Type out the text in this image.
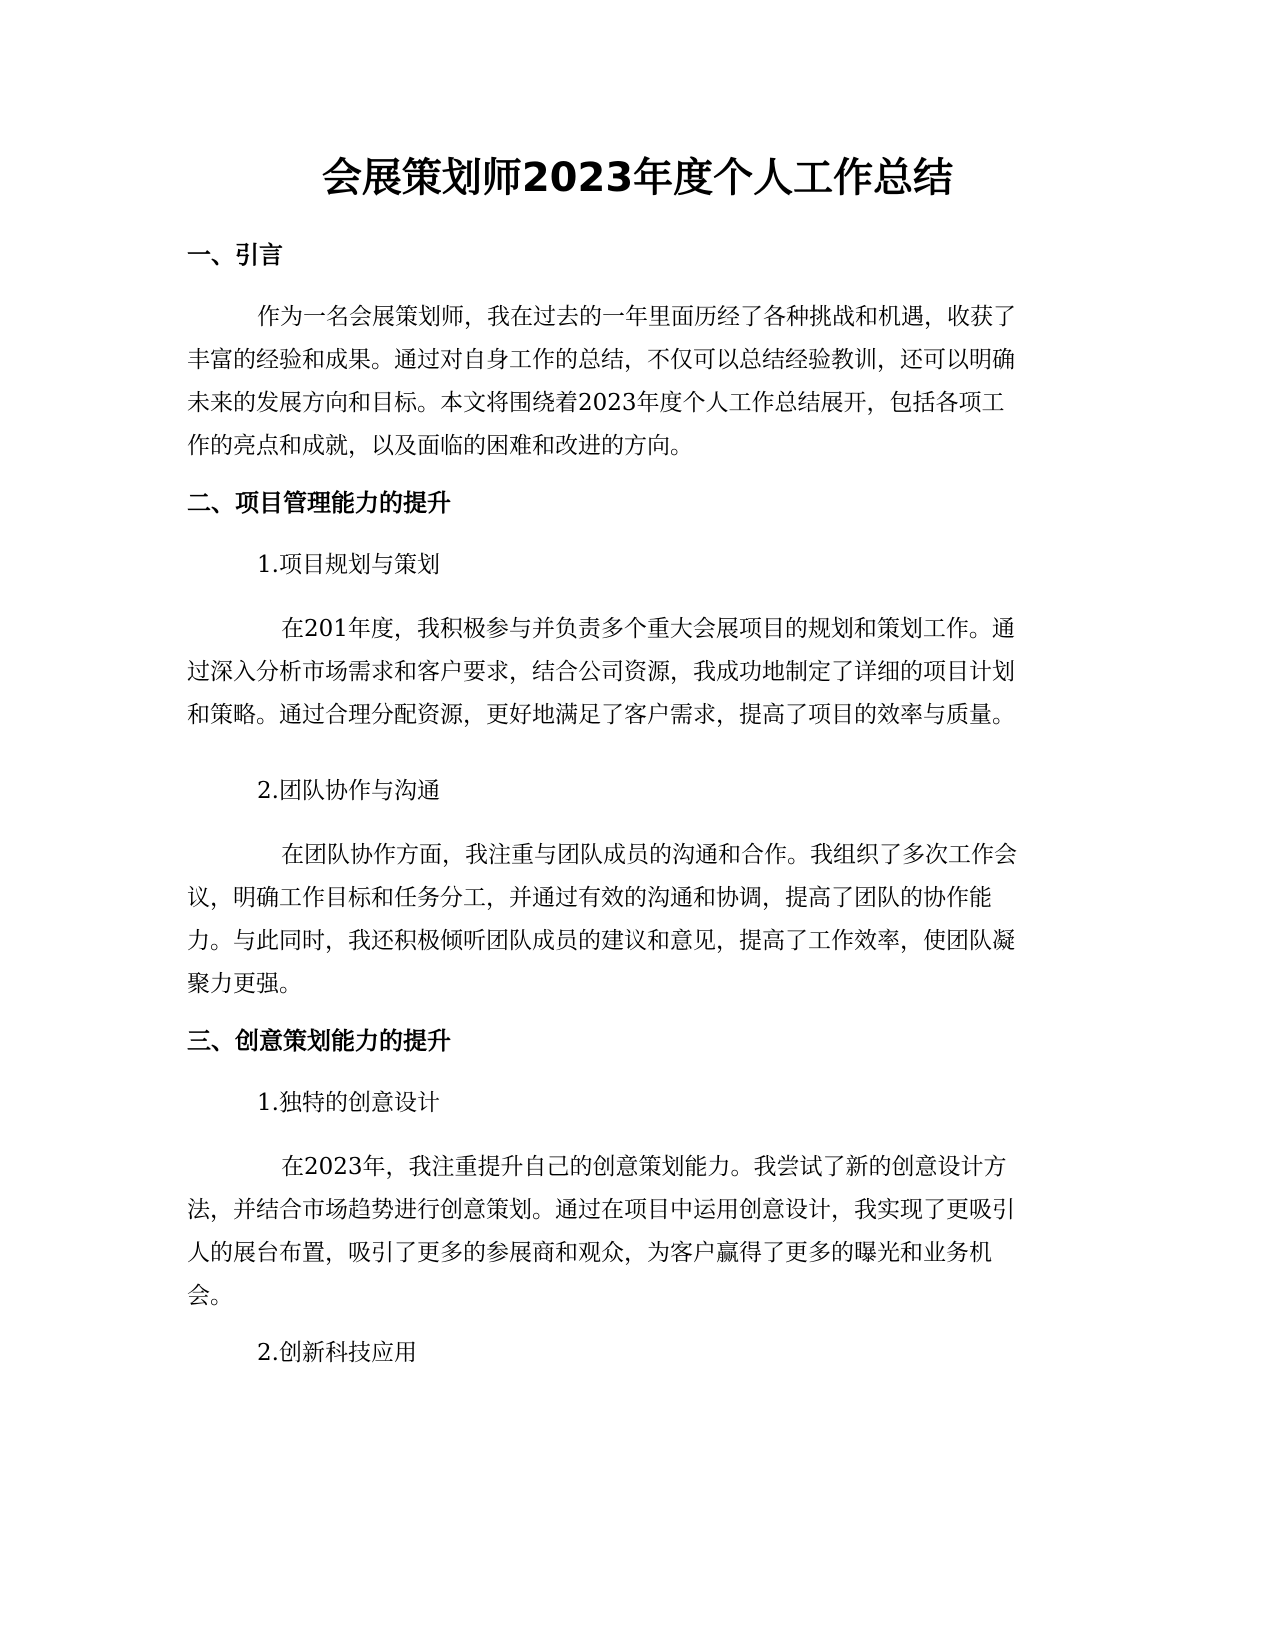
会展策划师2023年度个人工作总结
一、引言
作为一名会展策划师，我在过去的一年里面历经了各种挑战和机遇，收获了
丰富的经验和成果。通过对自身工作的总结，不仅可以总结经验教训，还可以明确
未来的发展方向和目标。本文将围绕着2023年度个人工作总结展开，包括各项工
作的亮点和成就，以及面临的困难和改进的方向。
二、项目管理能力的提升

1.项目规划与策划

在201年度，我积极参与并负责多个重大会展项目的规划和策划工作。通
过深入分析市场需求和客户要求，结合公司资源，我成功地制定了详细的项目计划
和策略。通过合理分配资源，更好地满足了客户需求，提高了项目的效率与质量。

2.团队协作与沟通

在团队协作方面，我注重与团队成员的沟通和合作。我组织了多次工作会
议，明确工作目标和任务分工，并通过有效的沟通和协调，提高了团队的协作能
力。与此同时，我还积极倾听团队成员的建议和意见，提高了工作效率，使团队凝
聚力更强。
三、创意策划能力的提升

1.独特的创意设计

在2023年，我注重提升自己的创意策划能力。我尝试了新的创意设计方
法，并结合市场趋势进行创意策划。通过在项目中运用创意设计，我实现了更吸引
人的展台布置，吸引了更多的参展商和观众，为客户赢得了更多的曝光和业务机
会。

2.创新科技应用
